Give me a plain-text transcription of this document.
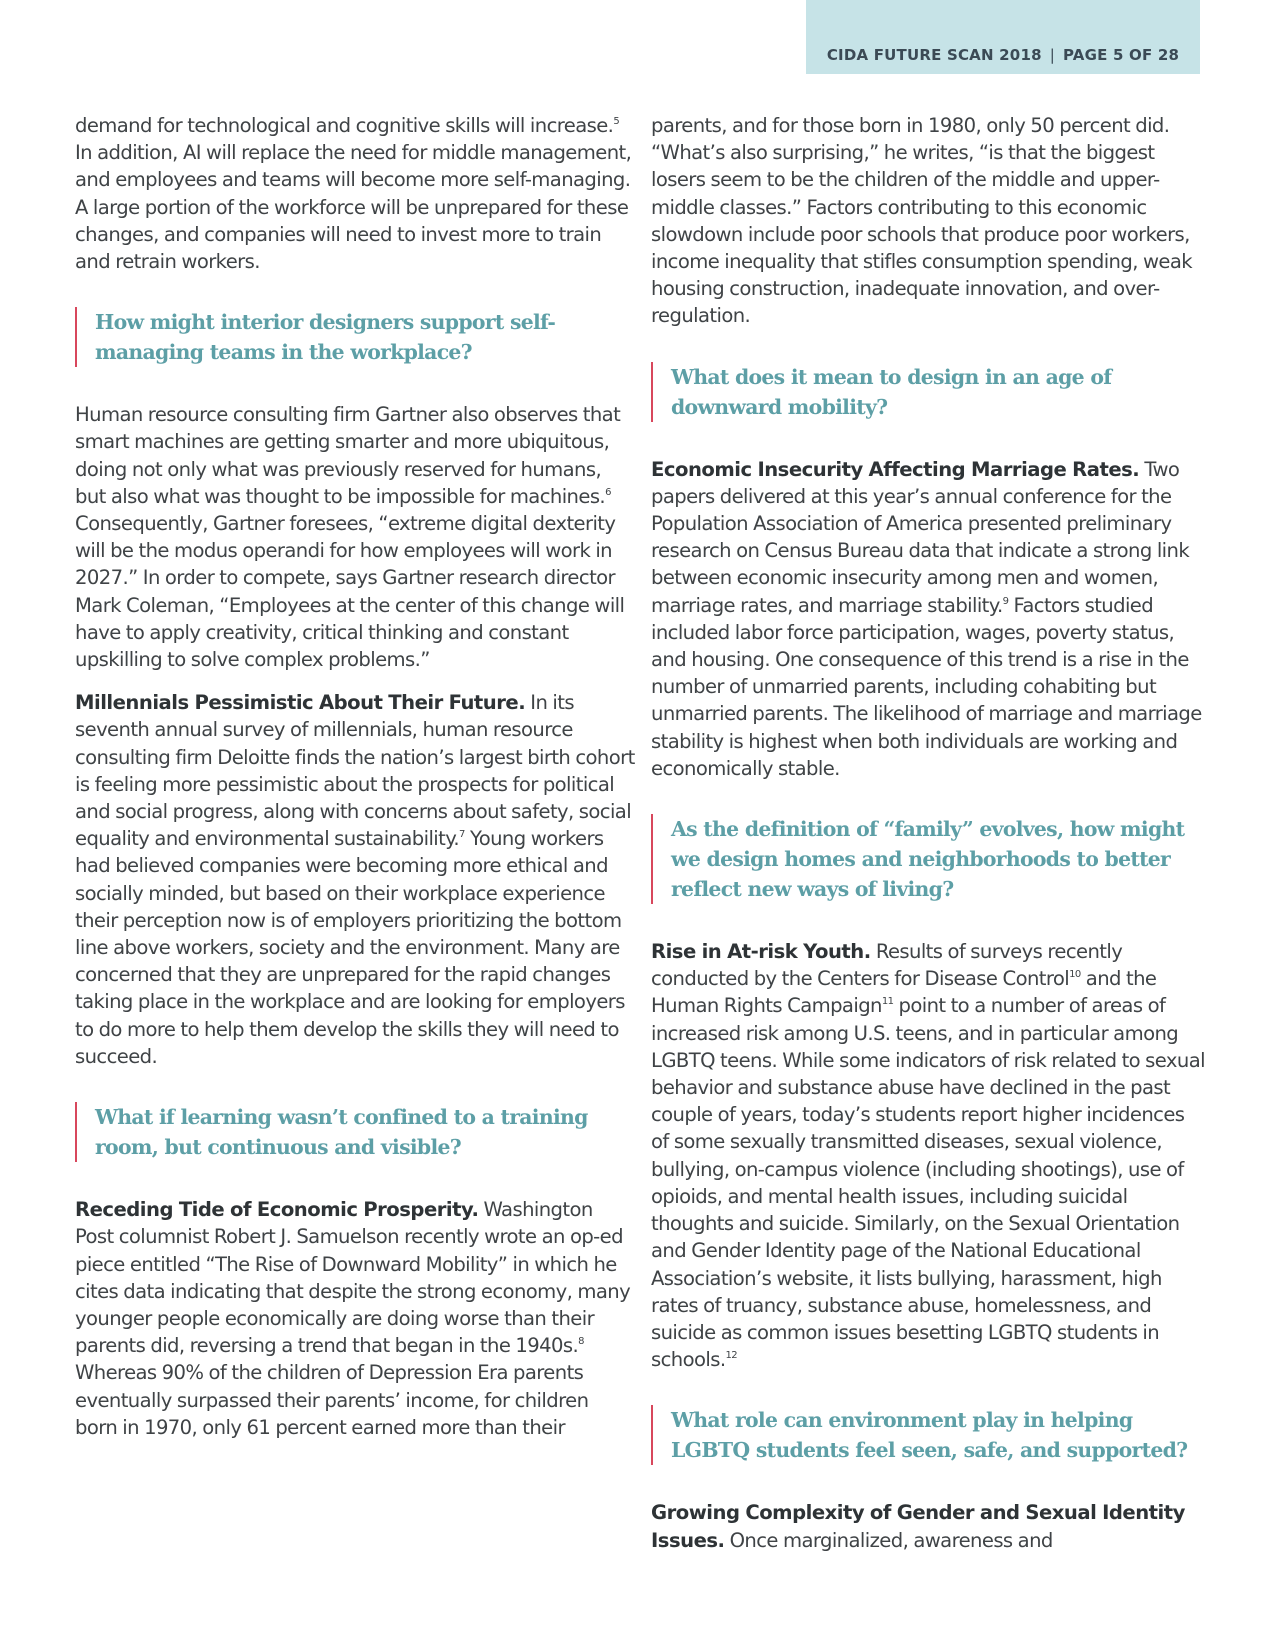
CIDA FUTURE SCAN 2018 | PAGE 5 OF 28

demand for technological and cognitive skills will increase.$^5$ In addition, AI will replace the need for middle management, and employees and teams will become more self-managing. A large portion of the workforce will be unprepared for these changes, and companies will need to invest more to train and retrain workers.

How might interior designers support self-managing teams in the workplace?

Human resource consulting firm Gartner also observes that smart machines are getting smarter and more ubiquitous, doing not only what was previously reserved for humans, but also what was thought to be impossible for machines.$^6$ Consequently, Gartner foresees, “extreme digital dexterity will be the modus operandi for how employees will work in 2027.” In order to compete, says Gartner research director Mark Coleman, “Employees at the center of this change will have to apply creativity, critical thinking and constant upskilling to solve complex problems.”

Millennials Pessimistic About Their Future. In its seventh annual survey of millennials, human resource consulting firm Deloitte finds the nation’s largest birth cohort is feeling more pessimistic about the prospects for political and social progress, along with concerns about safety, social equality and environmental sustainability.$^7$ Young workers had believed companies were becoming more ethical and socially minded, but based on their workplace experience their perception now is of employers prioritizing the bottom line above workers, society and the environment. Many are concerned that they are unprepared for the rapid changes taking place in the workplace and are looking for employers to do more to help them develop the skills they will need to succeed.

What if learning wasn’t confined to a training room, but continuous and visible?

Receding Tide of Economic Prosperity. Washington Post columnist Robert J. Samuelson recently wrote an op-ed piece entitled “The Rise of Downward Mobility” in which he cites data indicating that despite the strong economy, many younger people economically are doing worse than their parents did, reversing a trend that began in the 1940s.$^8$ Whereas 90% of the children of Depression Era parents eventually surpassed their parents’ income, for children born in 1970, only 61 percent earned more than their

parents, and for those born in 1980, only 50 percent did. “What’s also surprising,” he writes, “is that the biggest losers seem to be the children of the middle and upper-middle classes.” Factors contributing to this economic slowdown include poor schools that produce poor workers, income inequality that stifles consumption spending, weak housing construction, inadequate innovation, and over-regulation.

What does it mean to design in an age of downward mobility?

Economic Insecurity Affecting Marriage Rates. Two papers delivered at this year’s annual conference for the Population Association of America presented preliminary research on Census Bureau data that indicate a strong link between economic insecurity among men and women, marriage rates, and marriage stability.$^9$ Factors studied included labor force participation, wages, poverty status, and housing. One consequence of this trend is a rise in the number of unmarried parents, including cohabiting but unmarried parents. The likelihood of marriage and marriage stability is highest when both individuals are working and economically stable.

As the definition of “family” evolves, how might we design homes and neighborhoods to better reflect new ways of living?

Rise in At-risk Youth. Results of surveys recently conducted by the Centers for Disease Control$^{10}$ and the Human Rights Campaign$^{11}$ point to a number of areas of increased risk among U.S. teens, and in particular among LGBTQ teens. While some indicators of risk related to sexual behavior and substance abuse have declined in the past couple of years, today’s students report higher incidences of some sexually transmitted diseases, sexual violence, bullying, on-campus violence (including shootings), use of opioids, and mental health issues, including suicidal thoughts and suicide. Similarly, on the Sexual Orientation and Gender Identity page of the National Educational Association’s website, it lists bullying, harassment, high rates of truancy, substance abuse, homelessness, and suicide as common issues besetting LGBTQ students in schools.$^{12}$

What role can environment play in helping LGBTQ students feel seen, safe, and supported?

Growing Complexity of Gender and Sexual Identity Issues. Once marginalized, awareness and
